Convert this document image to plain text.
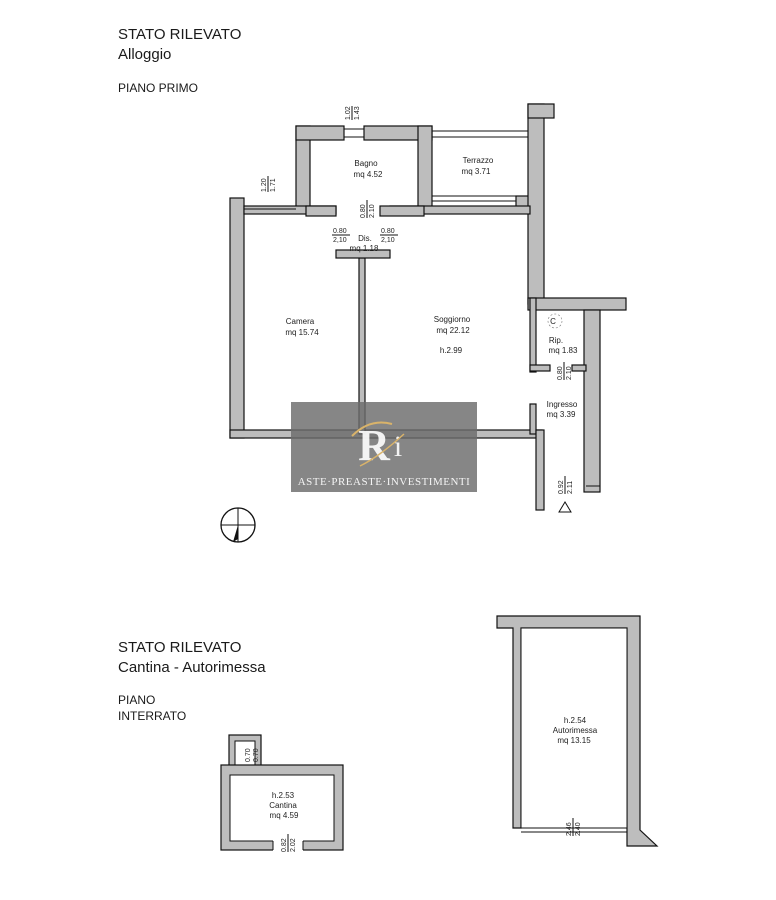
STATO RILEVATO
Alloggio
PIANO PRIMO
STATO RILEVATO
Cantina - Autorimessa
PIANO
INTERRATO
Bagno
mq 4.52
Terrazzo
mq 3.71
Dis.
mq 1.18
Camera
mq 15.74
Soggiorno
mq 22.12
h.2.99
C
Rip.
mq 1.83
Ingresso
mq 3.39
1.02 1.43
1.20 1.71
0.80 2.10
0.80
2,10
0.80
2,10
0.80 2.10
0.92 2.11
R i
ASTE·PREASTE·INVESTIMENTI
h.2.53
Cantina
mq 4.59
0.70 0.70
0.82 2.02
h.2.54
Autorimessa
mq 13.15
2.46 2.40
